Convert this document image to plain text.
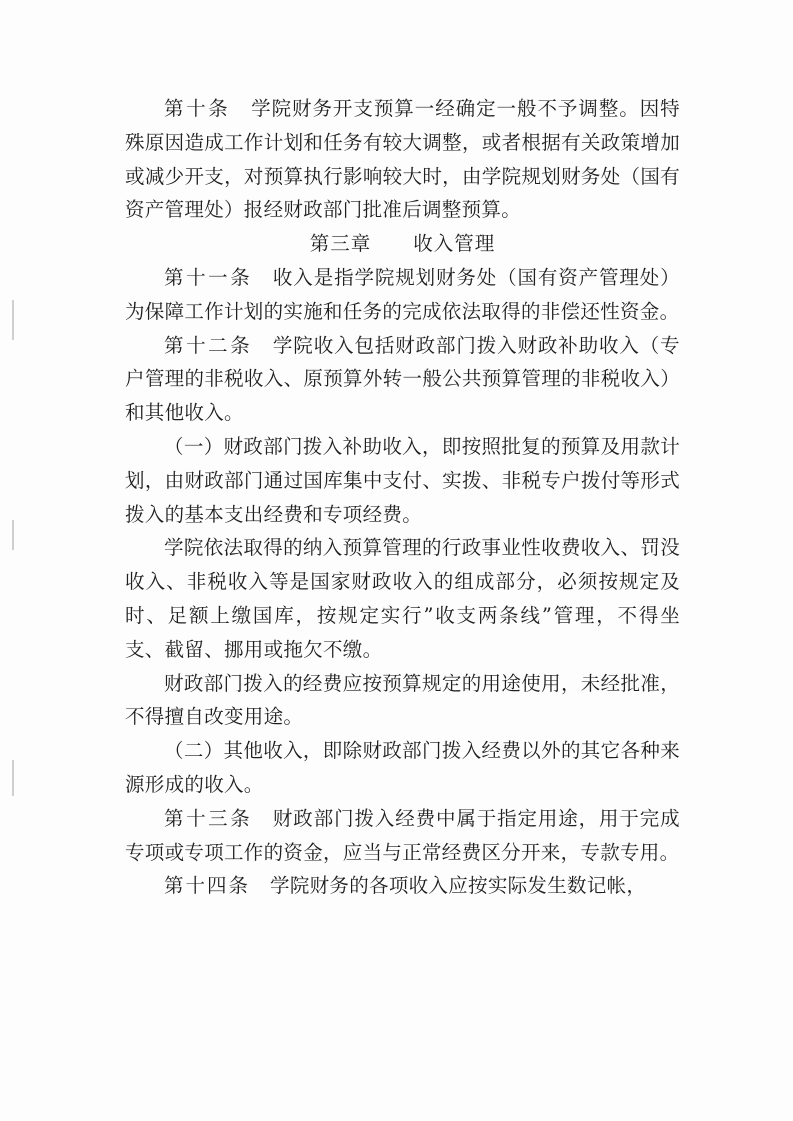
第十条 学院财务开支预算一经确定一般不予调整。因特殊原因造成工作计划和任务有较大调整，或者根据有关政策增加或减少开支，对预算执行影响较大时，由学院规划财务处（国有资产管理处）报经财政部门批准后调整预算。

第三章 收入管理

第十一条 收入是指学院规划财务处（国有资产管理处）为保障工作计划的实施和任务的完成依法取得的非偿还性资金。

第十二条 学院收入包括财政部门拨入财政补助收入（专户管理的非税收入、原预算外转一般公共预算管理的非税收入）和其他收入。

（一）财政部门拨入补助收入，即按照批复的预算及用款计划，由财政部门通过国库集中支付、实拨、非税专户拨付等形式拨入的基本支出经费和专项经费。

学院依法取得的纳入预算管理的行政事业性收费收入、罚没收入、非税收入等是国家财政收入的组成部分，必须按规定及时、足额上缴国库，按规定实行”收支两条线”管理，不得坐支、截留、挪用或拖欠不缴。

财政部门拨入的经费应按预算规定的用途使用，未经批准，不得擅自改变用途。

（二）其他收入，即除财政部门拨入经费以外的其它各种来源形成的收入。

第十三条 财政部门拨入经费中属于指定用途，用于完成专项或专项工作的资金，应当与正常经费区分开来，专款专用。

第十四条 学院财务的各项收入应按实际发生数记帐，
